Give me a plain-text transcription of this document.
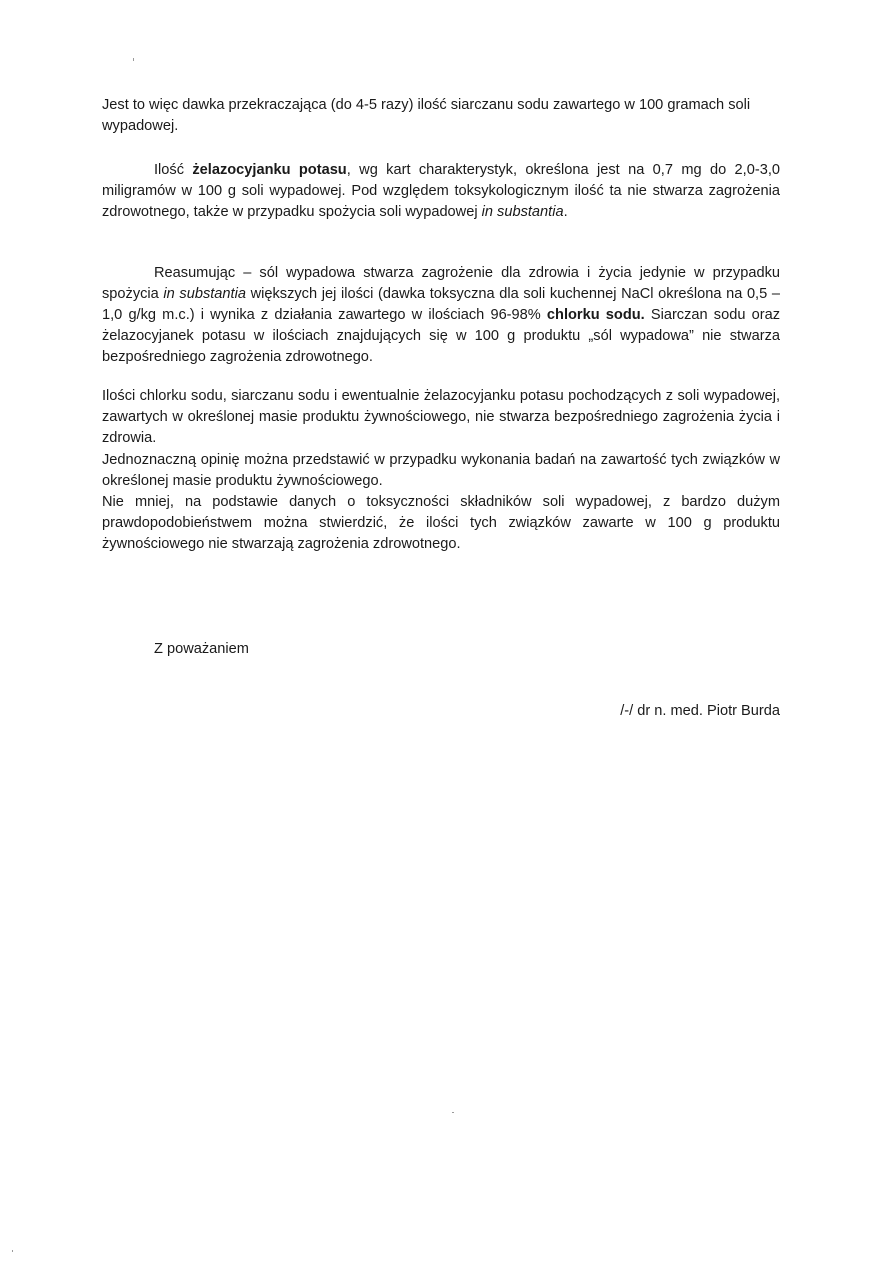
Jest to więc dawka przekraczająca (do 4-5 razy) ilość siarczanu sodu zawartego w 100 gramach soli wypadowej.

Ilość żelazocyjanku potasu, wg kart charakterystyk, określona jest na 0,7 mg do 2,0-3,0 miligramów w 100 g soli wypadowej. Pod względem toksykologicznym ilość ta nie stwarza zagrożenia zdrowotnego, także w przypadku spożycia soli wypadowej in substantia.

Reasumując – sól wypadowa stwarza zagrożenie dla zdrowia i życia jedynie w przypadku spożycia in substantia większych jej ilości (dawka toksyczna dla soli kuchennej NaCl określona na 0,5 – 1,0 g/kg m.c.) i wynika z działania zawartego w ilościach 96-98% chlorku sodu. Siarczan sodu oraz żelazocyjanek potasu w ilościach znajdujących się w 100 g produktu „sól wypadowa” nie stwarza bezpośredniego zagrożenia zdrowotnego.

Ilości chlorku sodu, siarczanu sodu i ewentualnie żelazocyjanku potasu pochodzących z soli wypadowej, zawartych w określonej masie produktu żywnościowego, nie stwarza bezpośredniego zagrożenia życia i zdrowia.

Jednoznaczną opinię można przedstawić w przypadku wykonania badań na zawartość tych związków w określonej masie produktu żywnościowego.

Nie mniej, na podstawie danych o toksyczności składników soli wypadowej, z bardzo dużym prawdopodobieństwem można stwierdzić, że ilości tych związków zawarte w 100 g produktu żywnościowego nie stwarzają zagrożenia zdrowotnego.

Z poważaniem

/-/ dr n. med. Piotr Burda
